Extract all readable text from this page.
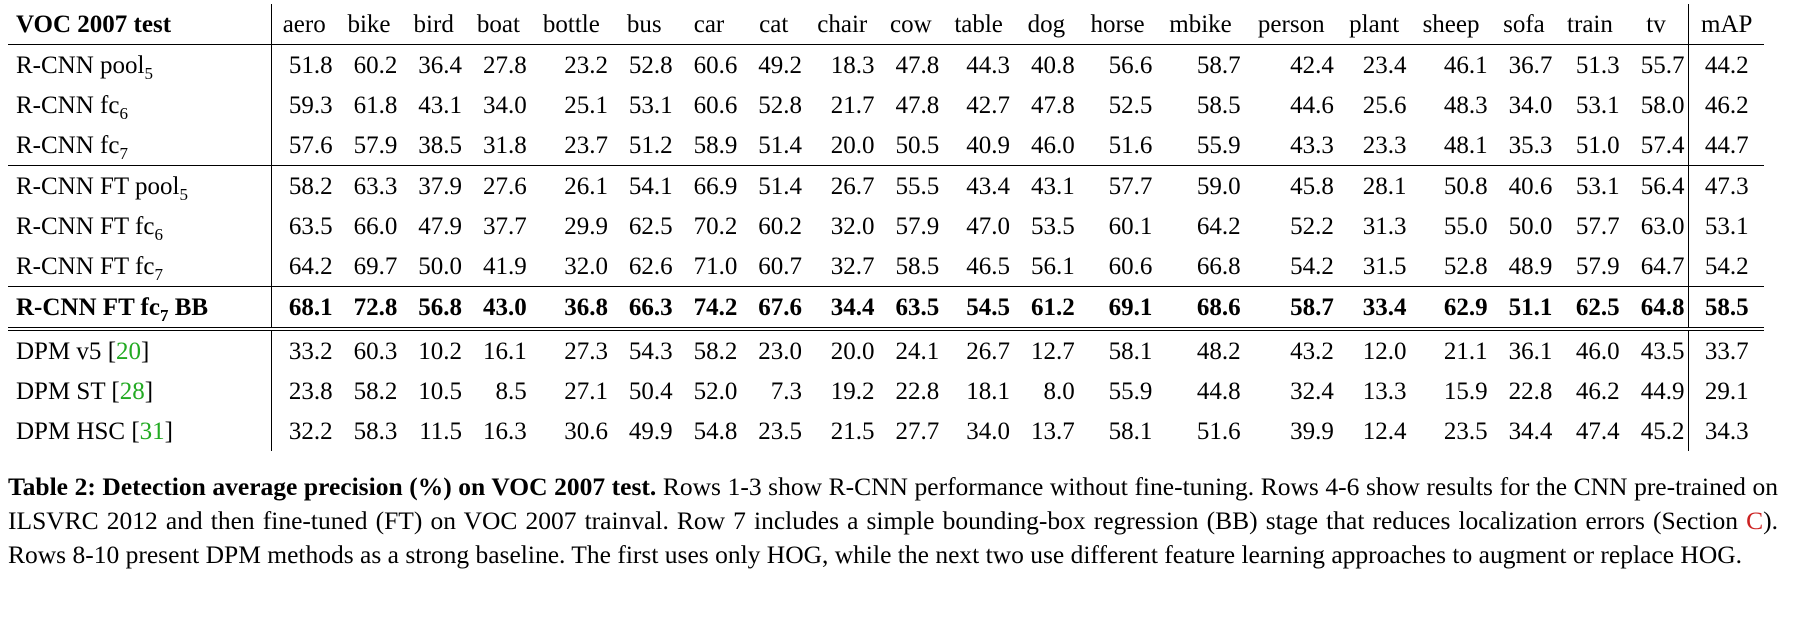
VOC 2007 test	aero	bike	bird	boat	bottle	bus	car	cat	chair	cow	table	dog	horse	mbike	person	plant	sheep	sofa	train	tv	mAP
R-CNN pool$_5$	51.8	60.2	36.4	27.8	23.2	52.8	60.6	49.2	18.3	47.8	44.3	40.8	56.6	58.7	42.4	23.4	46.1	36.7	51.3	55.7	44.2
R-CNN $fc_6$	59.3	61.8	43.1	34.0	25.1	53.1	60.6	52.8	21.7	47.8	42.7	47.8	52.5	58.5	44.6	25.6	48.3	34.0	53.1	58.0	46.2
R-CNN $fc_7$	57.6	57.9	38.5	31.8	23.7	51.2	58.9	51.4	20.0	50.5	40.9	46.0	51.6	55.9	43.3	23.3	48.1	35.3	51.0	57.4	44.7
R-CNN FT pool$_5$	58.2	63.3	37.9	27.6	26.1	54.1	66.9	51.4	26.7	55.5	43.4	43.1	57.7	59.0	45.8	28.1	50.8	40.6	53.1	56.4	47.3
R-CNN FT $fc_6$	63.5	66.0	47.9	37.7	29.9	62.5	70.2	60.2	32.0	57.9	47.0	53.5	60.1	64.2	52.2	31.3	55.0	50.0	57.7	63.0	53.1
R-CNN FT $fc_7$	64.2	69.7	50.0	41.9	32.0	62.6	71.0	60.7	32.7	58.5	46.5	56.1	60.6	66.8	54.2	31.5	52.8	48.9	57.9	64.7	54.2
R-CNN FT $fc_7$ BB	68.1	72.8	56.8	43.0	36.8	66.3	74.2	67.6	34.4	63.5	54.5	61.2	69.1	68.6	58.7	33.4	62.9	51.1	62.5	64.8	58.5
DPM v5 [20]	33.2	60.3	10.2	16.1	27.3	54.3	58.2	23.0	20.0	24.1	26.7	12.7	58.1	48.2	43.2	12.0	21.1	36.1	46.0	43.5	33.7
DPM ST [28]	23.8	58.2	10.5	8.5	27.1	50.4	52.0	7.3	19.2	22.8	18.1	8.0	55.9	44.8	32.4	13.3	15.9	22.8	46.2	44.9	29.1
DPM HSC [31]	32.2	58.3	11.5	16.3	30.6	49.9	54.8	23.5	21.5	27.7	34.0	13.7	58.1	51.6	39.9	12.4	23.5	34.4	47.4	45.2	34.3
Table 2: Detection average precision (%) on VOC 2007 test. Rows 1-3 show R-CNN performance without fine-tuning. Rows 4-6 show results for the CNN pre-trained on ILSVRC 2012 and then fine-tuned (FT) on VOC 2007 trainval. Row 7 includes a simple bounding-box regression (BB) stage that reduces localization errors (Section C). Rows 8-10 present DPM methods as a strong baseline. The first uses only HOG, while the next two use different feature learning approaches to augment or replace HOG.
